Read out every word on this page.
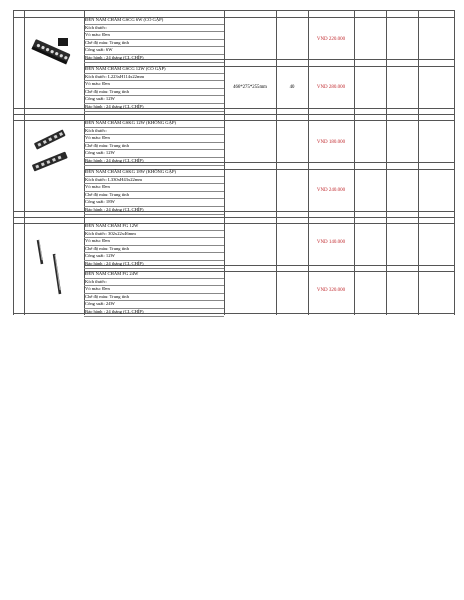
ĐÈN NAM CHÂM GSCG 6W (CÓ GẬP)
Kích thước:
Vỏ màu: Đen
Chế độ màu: Trung tính
Công suất: 6W
Bảo hành : 24 tháng (CL CHÍP)
ĐÈN NAM CHÂM GSCG 12W (CÓ GẬP)
Kích thước: L223xH114x22mm
Vỏ màu: Đen
Chế độ màu: Trung tính
Công suất: 12W
Bảo hành : 24 tháng (CL CHÍP)
ĐÈN NAM CHÂM GSKG 12W (KHÔNG GẬP)
Kích thước:
Vỏ màu: Đen
Chế độ màu: Trung tính
Công suất: 12W
Bảo hành : 24 tháng (CL CHÍP)
ĐÈN NAM CHÂM GSKG 18W (KHÔNG GẬP)
Kích thước: L330xH43x22mm
Vỏ màu: Đen
Chế độ màu: Trung tính
Công suất: 18W
Bảo hành : 24 tháng (CL CHÍP)
ĐÈN NAM CHÂM FG 12W
Kích thước: 302x22x46mm
Vỏ màu: Đen
Chế độ màu: Trung tính
Công suất: 12W
Bảo hành : 24 tháng (CL CHÍP)
ĐÈN NAM CHÂM FG 24W
Kích thước:
Vỏ màu: Đen
Chế độ màu: Trung tính
Công suất: 24W
Bảo hành : 24 tháng (CL CHÍP)
VND 220.000
VND 280.000
VND 180.000
VND 240.000
VND 140.000
VND 320.000
466*275*255mm	40
